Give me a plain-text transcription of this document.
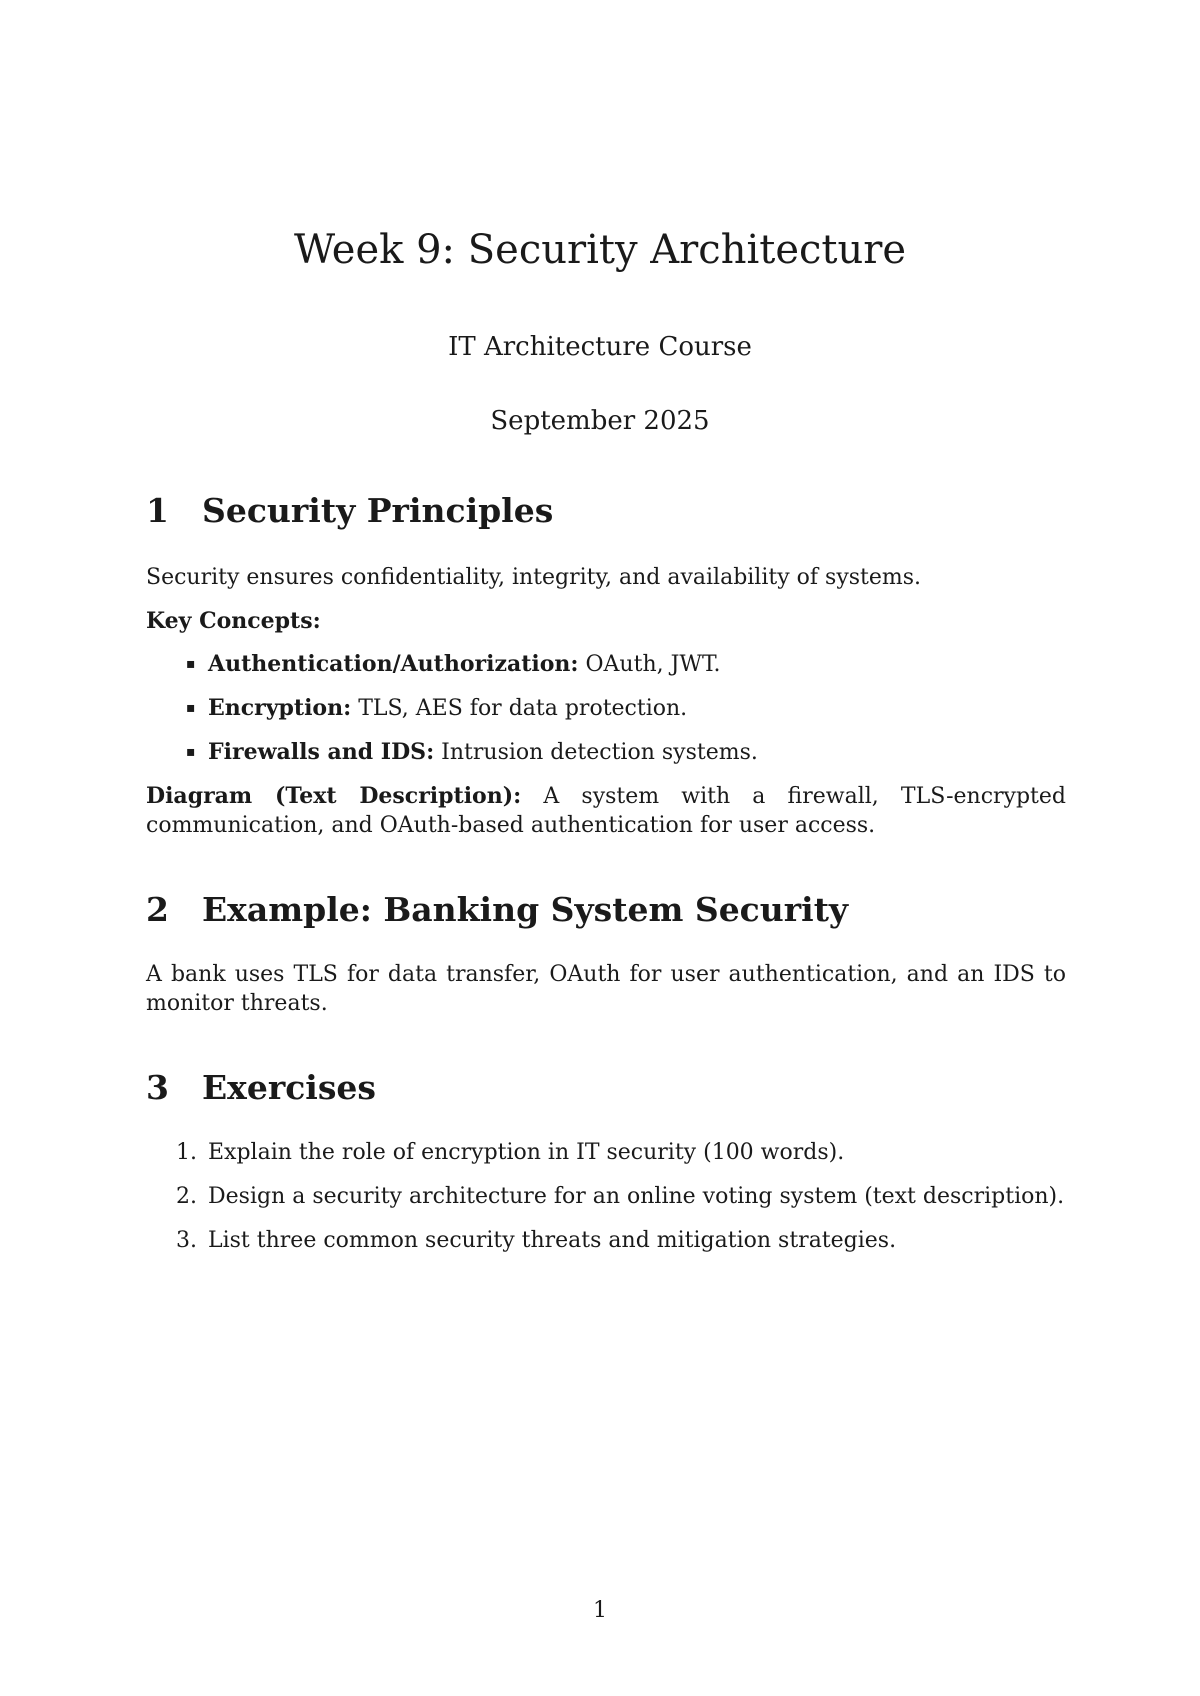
Week 9: Security Architecture
IT Architecture Course
September 2025
1	Security Principles

Security ensures confidentiality, integrity, and availability of systems.

Key Concepts:

▪ Authentication/Authorization: OAuth, JWT.
▪ Encryption: TLS, AES for data protection.
▪ Firewalls and IDS: Intrusion detection systems.

Diagram (Text Description): A system with a firewall, TLS-encrypted communication, and OAuth-based authentication for user access.

2	Example: Banking System Security

A bank uses TLS for data transfer, OAuth for user authentication, and an IDS to monitor threats.

3	Exercises
1. Explain the role of encryption in IT security (100 words).
2. Design a security architecture for an online voting system (text description).
3. List three common security threats and mitigation strategies.
1
